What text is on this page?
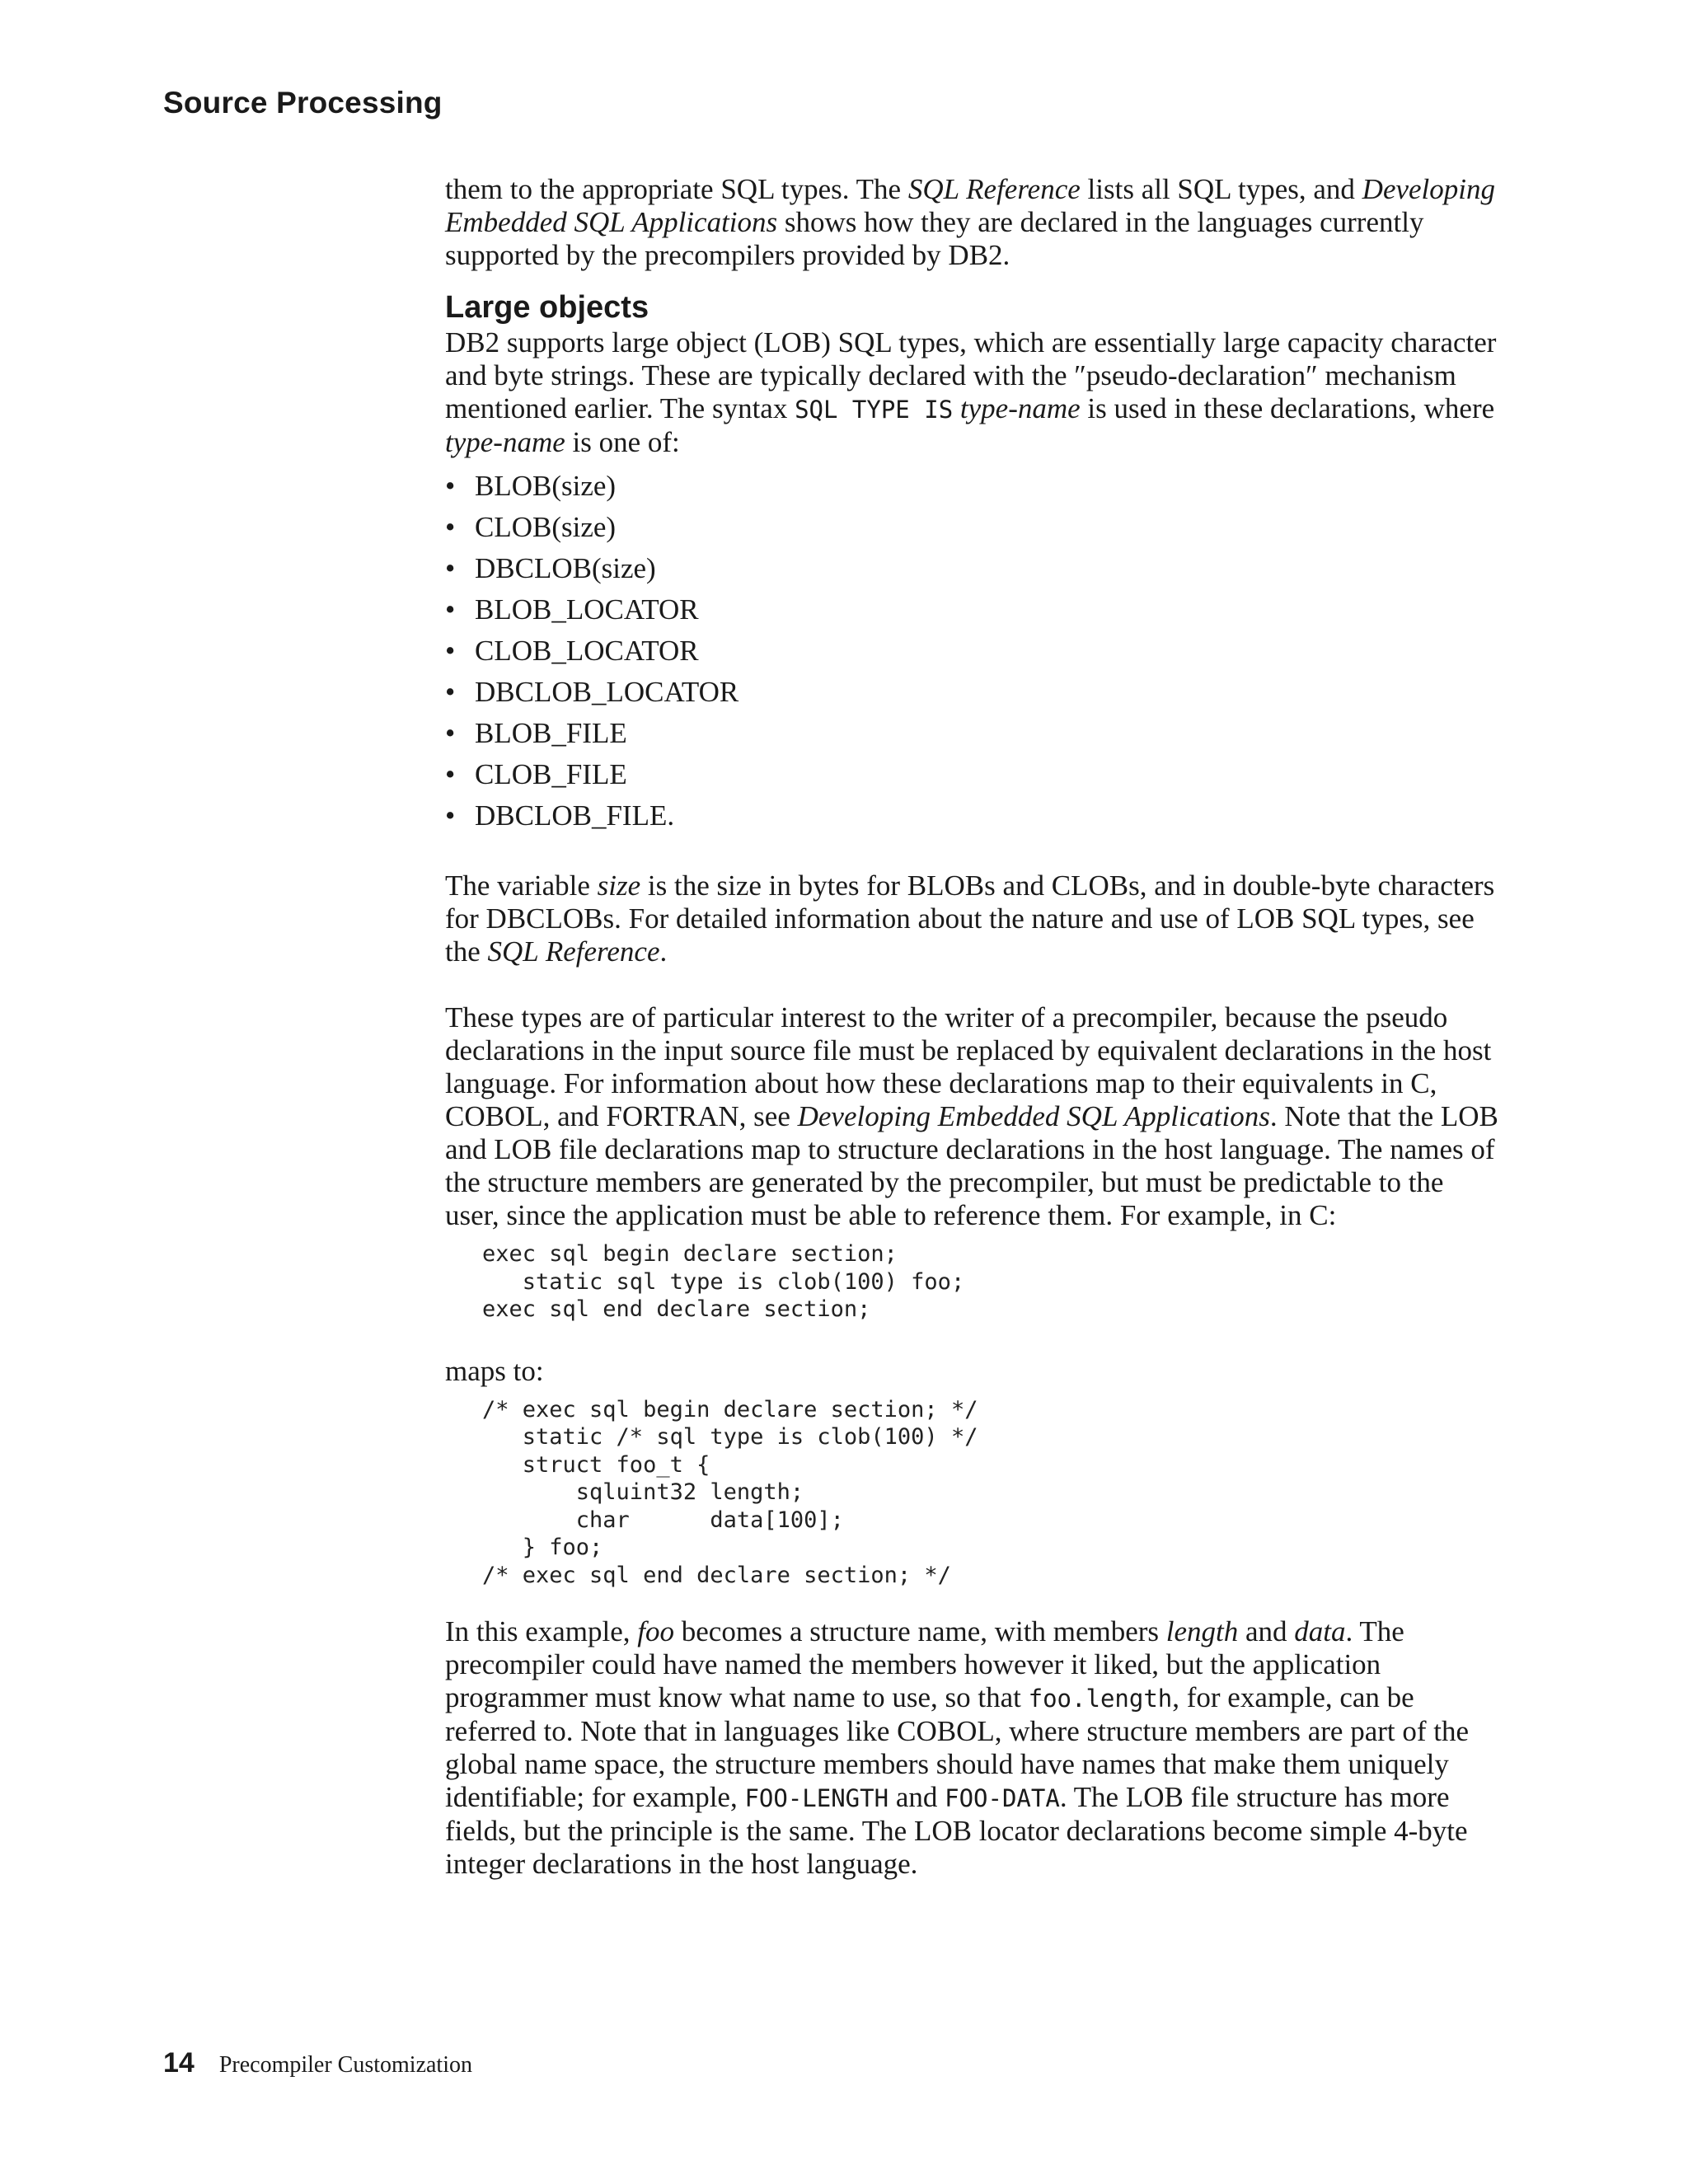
Source Processing

them to the appropriate SQL types. The SQL Reference lists all SQL types, and Developing Embedded SQL Applications shows how they are declared in the languages currently supported by the precompilers provided by DB2.

Large objects

DB2 supports large object (LOB) SQL types, which are essentially large capacity character and byte strings. These are typically declared with the ″pseudo-declaration″ mechanism mentioned earlier. The syntax SQL TYPE IS type-name is used in these declarations, where type-name is one of:

• BLOB(size)
• CLOB(size)
• DBCLOB(size)
• BLOB_LOCATOR
• CLOB_LOCATOR
• DBCLOB_LOCATOR
• BLOB_FILE
• CLOB_FILE
• DBCLOB_FILE.

The variable size is the size in bytes for BLOBs and CLOBs, and in double-byte characters for DBCLOBs. For detailed information about the nature and use of LOB SQL types, see the SQL Reference.

These types are of particular interest to the writer of a precompiler, because the pseudo declarations in the input source file must be replaced by equivalent declarations in the host language. For information about how these declarations map to their equivalents in C, COBOL, and FORTRAN, see Developing Embedded SQL Applications. Note that the LOB and LOB file declarations map to structure declarations in the host language. The names of the structure members are generated by the precompiler, but must be predictable to the user, since the application must be able to reference them. For example, in C:

exec sql begin declare section;
static sql type is clob(100) foo;
exec sql end declare section;

maps to:

/* exec sql begin declare section; */
static /* sql type is clob(100) */
struct foo_t {
sqluint32 length;
char      data[100];
} foo;
/* exec sql end declare section; */

In this example, foo becomes a structure name, with members length and data. The precompiler could have named the members however it liked, but the application programmer must know what name to use, so that foo.length, for example, can be referred to. Note that in languages like COBOL, where structure members are part of the global name space, the structure members should have names that make them uniquely identifiable; for example, FOO-LENGTH and FOO-DATA. The LOB file structure has more fields, but the principle is the same. The LOB locator declarations become simple 4-byte integer declarations in the host language.

14 Precompiler Customization
